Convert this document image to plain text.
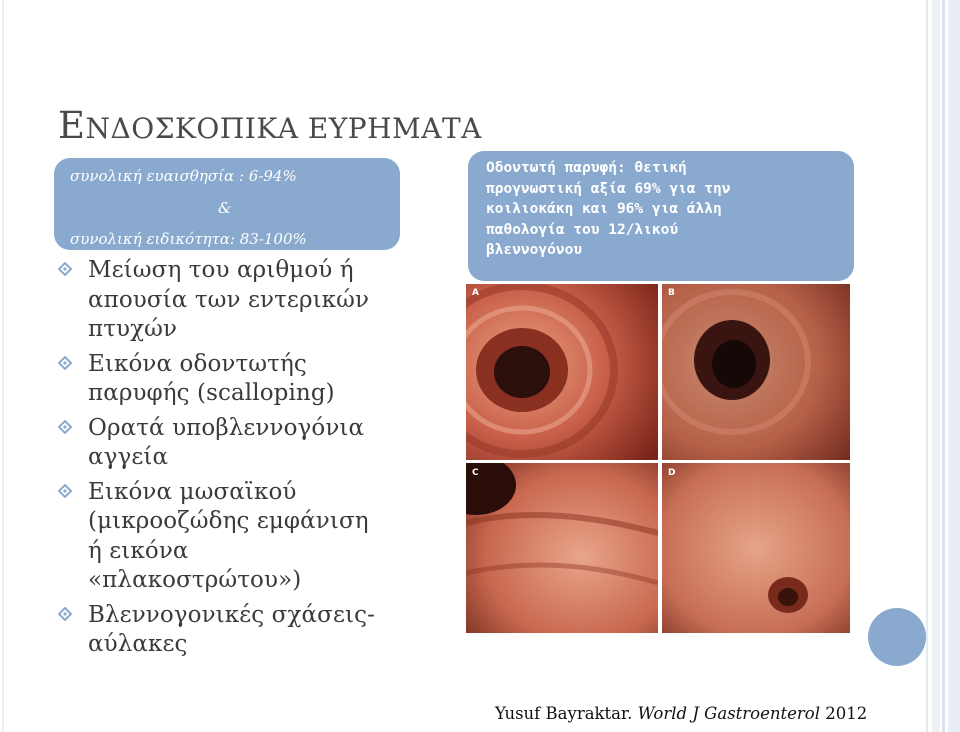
ΕΝΔΟΣΚΟΠΙΚΑ ΕΥΡΗΜΑΤΑ
συνολική ευαισθησία : 6-94%
&
συνολική ειδικότητα: 83-100%
Μείωση του αριθμού ή
απουσία των εντερικών
πτυχών
Εικόνα οδοντωτής
παρυφής (scalloping)
Ορατά υποβλεννογόνια
αγγεία
Εικόνα μωσαϊκού
(μικροοζώδης εμφάνιση
ή εικόνα
«πλακοστρώτου»)
Βλεννογονικές σχάσεις-
αύλακες
Οδοντωτή παρυφή: θετική
προγνωστική αξία 69% για την
κοιλιοκάκη και 96% για άλλη
παθολογία του 12/λικού
βλεννογόνου
A	B
C	D
Yusuf Bayraktar. World J Gastroenterol 2012
